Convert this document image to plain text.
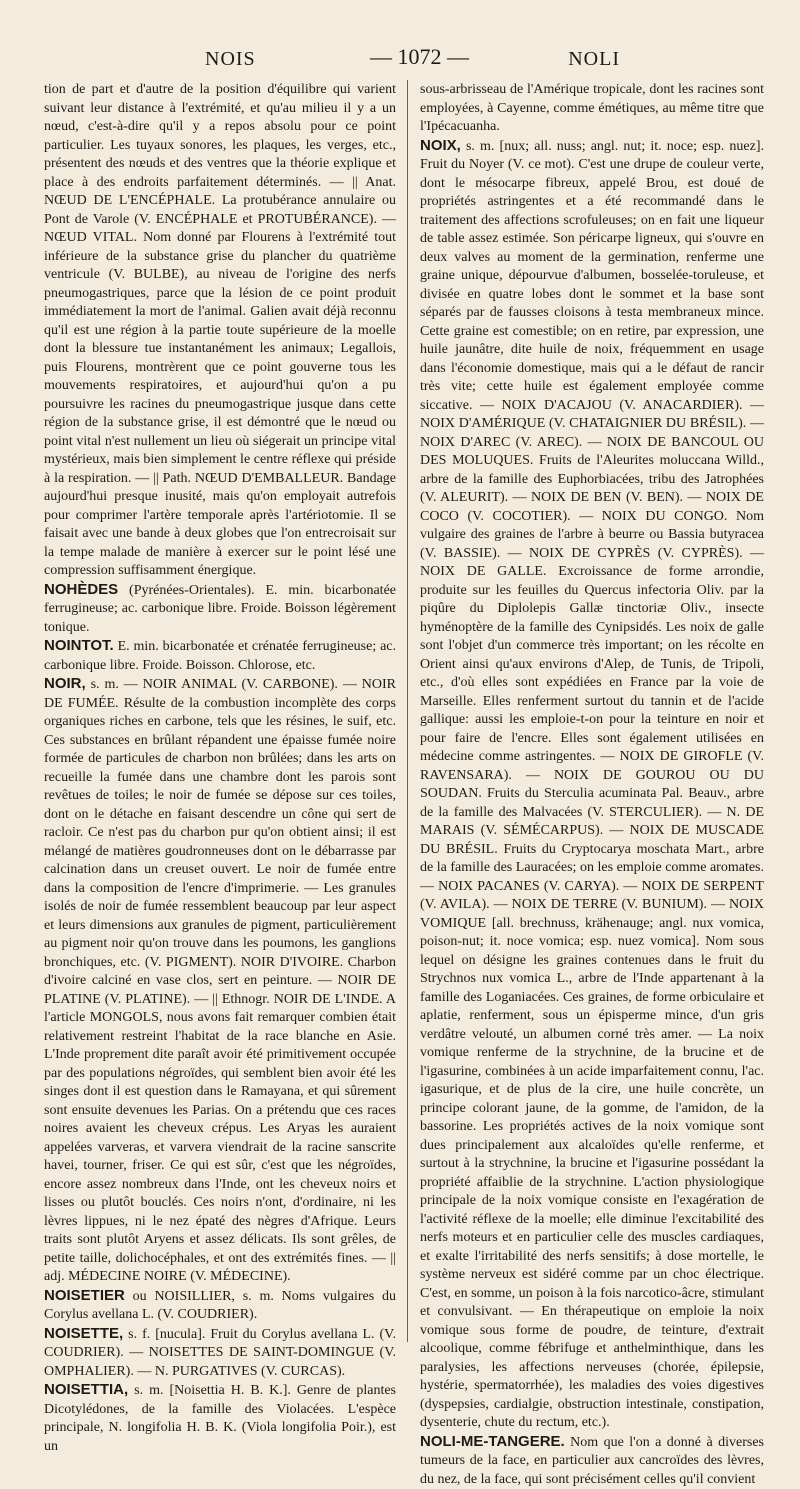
NOIS	— 1072 —	NOLI

tion de part et d'autre de la position d'équilibre qui varient suivant leur distance à l'extrémité, et qu'au milieu il y a un nœud, c'est-à-dire qu'il y a repos absolu pour ce point particulier. Les tuyaux sonores, les plaques, les verges, etc., présentent des nœuds et des ventres que la théorie explique et place à des endroits parfaitement déterminés. — || Anat. NŒUD DE L'ENCÉPHALE. La protubérance annulaire ou Pont de Varole (V. ENCÉPHALE et PROTUBÉRANCE). — NŒUD VITAL. Nom donné par Flourens à l'extrémité tout inférieure de la substance grise du plancher du quatrième ventricule (V. BULBE), au niveau de l'origine des nerfs pneumogastriques, parce que la lésion de ce point produit immédiatement la mort de l'animal. Galien avait déjà reconnu qu'il est une région à la partie toute supérieure de la moelle dont la blessure tue instantanément les animaux; Legallois, puis Flourens, montrèrent que ce point gouverne tous les mouvements respiratoires, et aujourd'hui qu'on a pu poursuivre les racines du pneumogastrique jusque dans cette région de la substance grise, il est démontré que le nœud ou point vital n'est nullement un lieu où siégerait un principe vital mystérieux, mais bien simplement le centre réflexe qui préside à la respiration. — || Path. NŒUD D'EMBALLEUR. Bandage aujourd'hui presque inusité, mais qu'on employait autrefois pour comprimer l'artère temporale après l'artériotomie. Il se faisait avec une bande à deux globes que l'on entrecroisait sur la tempe malade de manière à exercer sur le point lésé une compression suffisamment énergique.

NOHÈDES (Pyrénées-Orientales). E. min. bicarbonatée ferrugineuse; ac. carbonique libre. Froide. Boisson légèrement tonique.

NOINTOT. E. min. bicarbonatée et crénatée ferrugineuse; ac. carbonique libre. Froide. Boisson. Chlorose, etc.

NOIR, s. m. — NOIR ANIMAL (V. CARBONE). — NOIR DE FUMÉE. Résulte de la combustion incomplète des corps organiques riches en carbone, tels que les résines, le suif, etc. Ces substances en brûlant répandent une épaisse fumée noire formée de particules de charbon non brûlées; dans les arts on recueille la fumée dans une chambre dont les parois sont revêtues de toiles; le noir de fumée se dépose sur ces toiles, dont on le détache en faisant descendre un cône qui sert de racloir. Ce n'est pas du charbon pur qu'on obtient ainsi; il est mélangé de matières goudronneuses dont on le débarrasse par calcination dans un creuset ouvert. Le noir de fumée entre dans la composition de l'encre d'imprimerie. — Les granules isolés de noir de fumée ressemblent beaucoup par leur aspect et leurs dimensions aux granules de pigment, particulièrement au pigment noir qu'on trouve dans les poumons, les ganglions bronchiques, etc. (V. PIGMENT). NOIR D'IVOIRE. Charbon d'ivoire calciné en vase clos, sert en peinture. — NOIR DE PLATINE (V. PLATINE). — || Ethnogr. NOIR DE L'INDE. A l'article MONGOLS, nous avons fait remarquer combien était relativement restreint l'habitat de la race blanche en Asie. L'Inde proprement dite paraît avoir été primitivement occupée par des populations négroïdes, qui semblent bien avoir été les singes dont il est question dans le Ramayana, et qui sûrement sont ensuite devenues les Parias. On a prétendu que ces races noires avaient les cheveux crépus. Les Aryas les auraient appelées varveras, et varvera viendrait de la racine sanscrite havei, tourner, friser. Ce qui est sûr, c'est que les négroïdes, encore assez nombreux dans l'Inde, ont les cheveux noirs et lisses ou plutôt bouclés. Ces noirs n'ont, d'ordinaire, ni les lèvres lippues, ni le nez épaté des nègres d'Afrique. Leurs traits sont plutôt Aryens et assez délicats. Ils sont grêles, de petite taille, dolichocéphales, et ont des extrémités fines. — || adj. MÉDECINE NOIRE (V. MÉDECINE).

NOISETIER ou NOISILLIER, s. m. Noms vulgaires du Corylus avellana L. (V. COUDRIER).

NOISETTE, s. f. [nucula]. Fruit du Corylus avellana L. (V. COUDRIER). — NOISETTES DE SAINT-DOMINGUE (V. OMPHALIER). — N. PURGATIVES (V. CURCAS).

NOISETTIA, s. m. [Noisettia H. B. K.]. Genre de plantes Dicotylédones, de la famille des Violacées. L'espèce principale, N. longifolia H. B. K. (Viola longifolia Poir.), est un

sous-arbrisseau de l'Amérique tropicale, dont les racines sont employées, à Cayenne, comme émétiques, au même titre que l'Ipécacuanha.

NOIX, s. m. [nux; all. nuss; angl. nut; it. noce; esp. nuez]. Fruit du Noyer (V. ce mot). C'est une drupe de couleur verte, dont le mésocarpe fibreux, appelé Brou, est doué de propriétés astringentes et a été recommandé dans le traitement des affections scrofuleuses; on en fait une liqueur de table assez estimée. Son péricarpe ligneux, qui s'ouvre en deux valves au moment de la germination, renferme une graine unique, dépourvue d'albumen, bosselée-toruleuse, et divisée en quatre lobes dont le sommet et la base sont séparés par de fausses cloisons à testa membraneux mince. Cette graine est comestible; on en retire, par expression, une huile jaunâtre, dite huile de noix, fréquemment en usage dans l'économie domestique, mais qui a le défaut de rancir très vite; cette huile est également employée comme siccative. — NOIX D'ACAJOU (V. ANACARDIER). — NOIX D'AMÉRIQUE (V. CHATAIGNIER DU BRÉSIL). — NOIX D'AREC (V. AREC). — NOIX DE BANCOUL OU DES MOLUQUES. Fruits de l'Aleurites moluccana Willd., arbre de la famille des Euphorbiacées, tribu des Jatrophées (V. ALEURIT). — NOIX DE BEN (V. BEN). — NOIX DE COCO (V. COCOTIER). — NOIX DU CONGO. Nom vulgaire des graines de l'arbre à beurre ou Bassia butyracea (V. BASSIE). — NOIX DE CYPRÈS (V. CYPRÈS). — NOIX DE GALLE. Excroissance de forme arrondie, produite sur les feuilles du Quercus infectoria Oliv. par la piqûre du Diplolepis Gallæ tinctoriæ Oliv., insecte hyménoptère de la famille des Cynipsidés. Les noix de galle sont l'objet d'un commerce très important; on les récolte en Orient ainsi qu'aux environs d'Alep, de Tunis, de Tripoli, etc., d'où elles sont expédiées en France par la voie de Marseille. Elles renferment surtout du tannin et de l'acide gallique: aussi les emploie-t-on pour la teinture en noir et pour faire de l'encre. Elles sont également utilisées en médecine comme astringentes. — NOIX DE GIROFLE (V. RAVENSARA). — NOIX DE GOUROU OU DU SOUDAN. Fruits du Sterculia acuminata Pal. Beauv., arbre de la famille des Malvacées (V. STERCULIER). — N. DE MARAIS (V. SÉMÉCARPUS). — NOIX DE MUSCADE DU BRÉSIL. Fruits du Cryptocarya moschata Mart., arbre de la famille des Lauracées; on les emploie comme aromates. — NOIX PACANES (V. CARYA). — NOIX DE SERPENT (V. AVILA). — NOIX DE TERRE (V. BUNIUM). — NOIX VOMIQUE [all. brechnuss, krähenauge; angl. nux vomica, poison-nut; it. noce vomica; esp. nuez vomica]. Nom sous lequel on désigne les graines contenues dans le fruit du Strychnos nux vomica L., arbre de l'Inde appartenant à la famille des Loganiacées. Ces graines, de forme orbiculaire et aplatie, renferment, sous un épisperme mince, d'un gris verdâtre velouté, un albumen corné très amer. — La noix vomique renferme de la strychnine, de la brucine et de l'igasurine, combinées à un acide imparfaitement connu, l'ac. igasurique, et de plus de la cire, une huile concrète, un principe colorant jaune, de la gomme, de l'amidon, de la bassorine. Les propriétés actives de la noix vomique sont dues principalement aux alcaloïdes qu'elle renferme, et surtout à la strychnine, la brucine et l'igasurine possédant la propriété affaiblie de la strychnine. L'action physiologique principale de la noix vomique consiste en l'exagération de l'activité réflexe de la moelle; elle diminue l'excitabilité des nerfs moteurs et en particulier celle des muscles cardiaques, et exalte l'irritabilité des nerfs sensitifs; à dose mortelle, le système nerveux est sidéré comme par un choc électrique. C'est, en somme, un poison à la fois narcotico-âcre, stimulant et convulsivant. — En thérapeutique on emploie la noix vomique sous forme de poudre, de teinture, d'extrait alcoolique, comme fébrifuge et anthelminthique, dans les paralysies, les affections nerveuses (chorée, épilepsie, hystérie, spermatorrhée), les maladies des voies digestives (dyspepsies, cardialgie, obstruction intestinale, constipation, dysenterie, chute du rectum, etc.).

NOLI-ME-TANGERE. Nom que l'on a donné à diverses tumeurs de la face, en particulier aux cancroïdes des lèvres, du nez, de la face, qui sont précisément celles qu'il convient
